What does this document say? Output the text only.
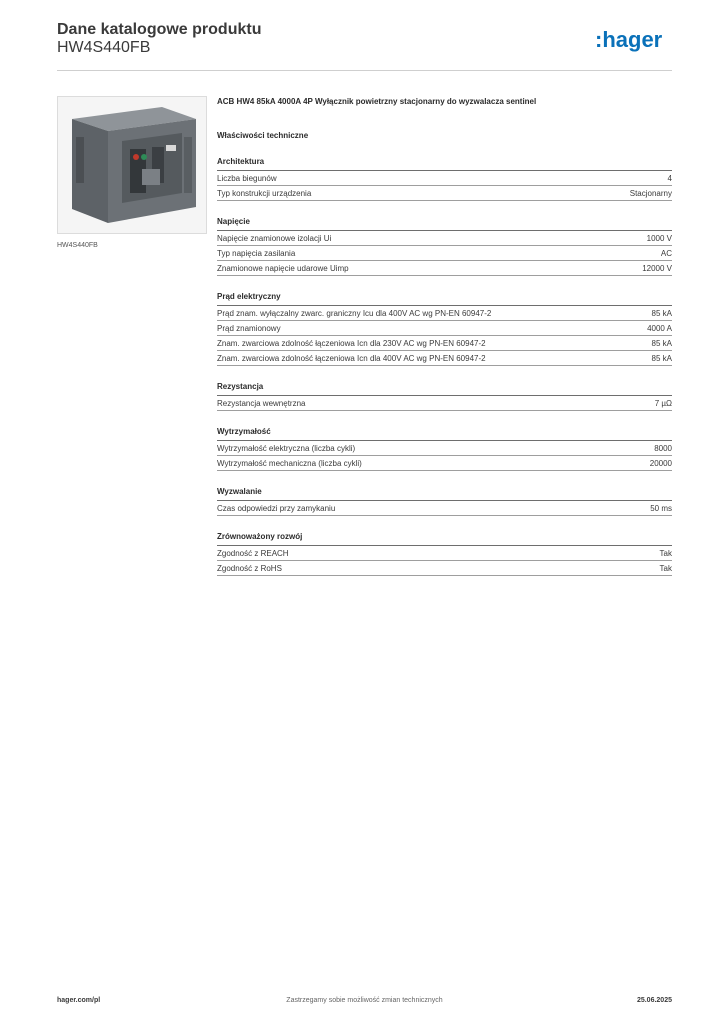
Dane katalogowe produktu
HW4S440FB	:hager
HW4S440FB
ACB HW4 85kA 4000A 4P Wyłącznik powietrzny stacjonarny do wyzwalacza sentinel
Właściwości techniczne
Architektura
Liczba biegunów	4
Typ konstrukcji urządzenia	Stacjonarny
Napięcie
Napięcie znamionowe izolacji Ui	1000 V
Typ napięcia zasilania	AC
Znamionowe napięcie udarowe Uimp	12000 V
Prąd elektryczny
Prąd znam. wyłączalny zwarc. graniczny Icu dla 400V AC wg PN-EN 60947-2	85 kA
Prąd znamionowy	4000 A
Znam. zwarciowa zdolność łączeniowa Icn dla 230V AC wg PN-EN 60947-2	85 kA
Znam. zwarciowa zdolność łączeniowa Icn dla 400V AC wg PN-EN 60947-2	85 kA
Rezystancja
Rezystancja wewnętrzna	7 µΩ
Wytrzymałość
Wytrzymałość elektryczna (liczba cykli)	8000
Wytrzymałość mechaniczna (liczba cykli)	20000
Wyzwalanie
Czas odpowiedzi przy zamykaniu	50 ms
Zrównoważony rozwój
Zgodność z REACH	Tak
Zgodność z RoHS	Tak
hager.com/pl	Zastrzegamy sobie możliwość zmian technicznych	25.06.2025
